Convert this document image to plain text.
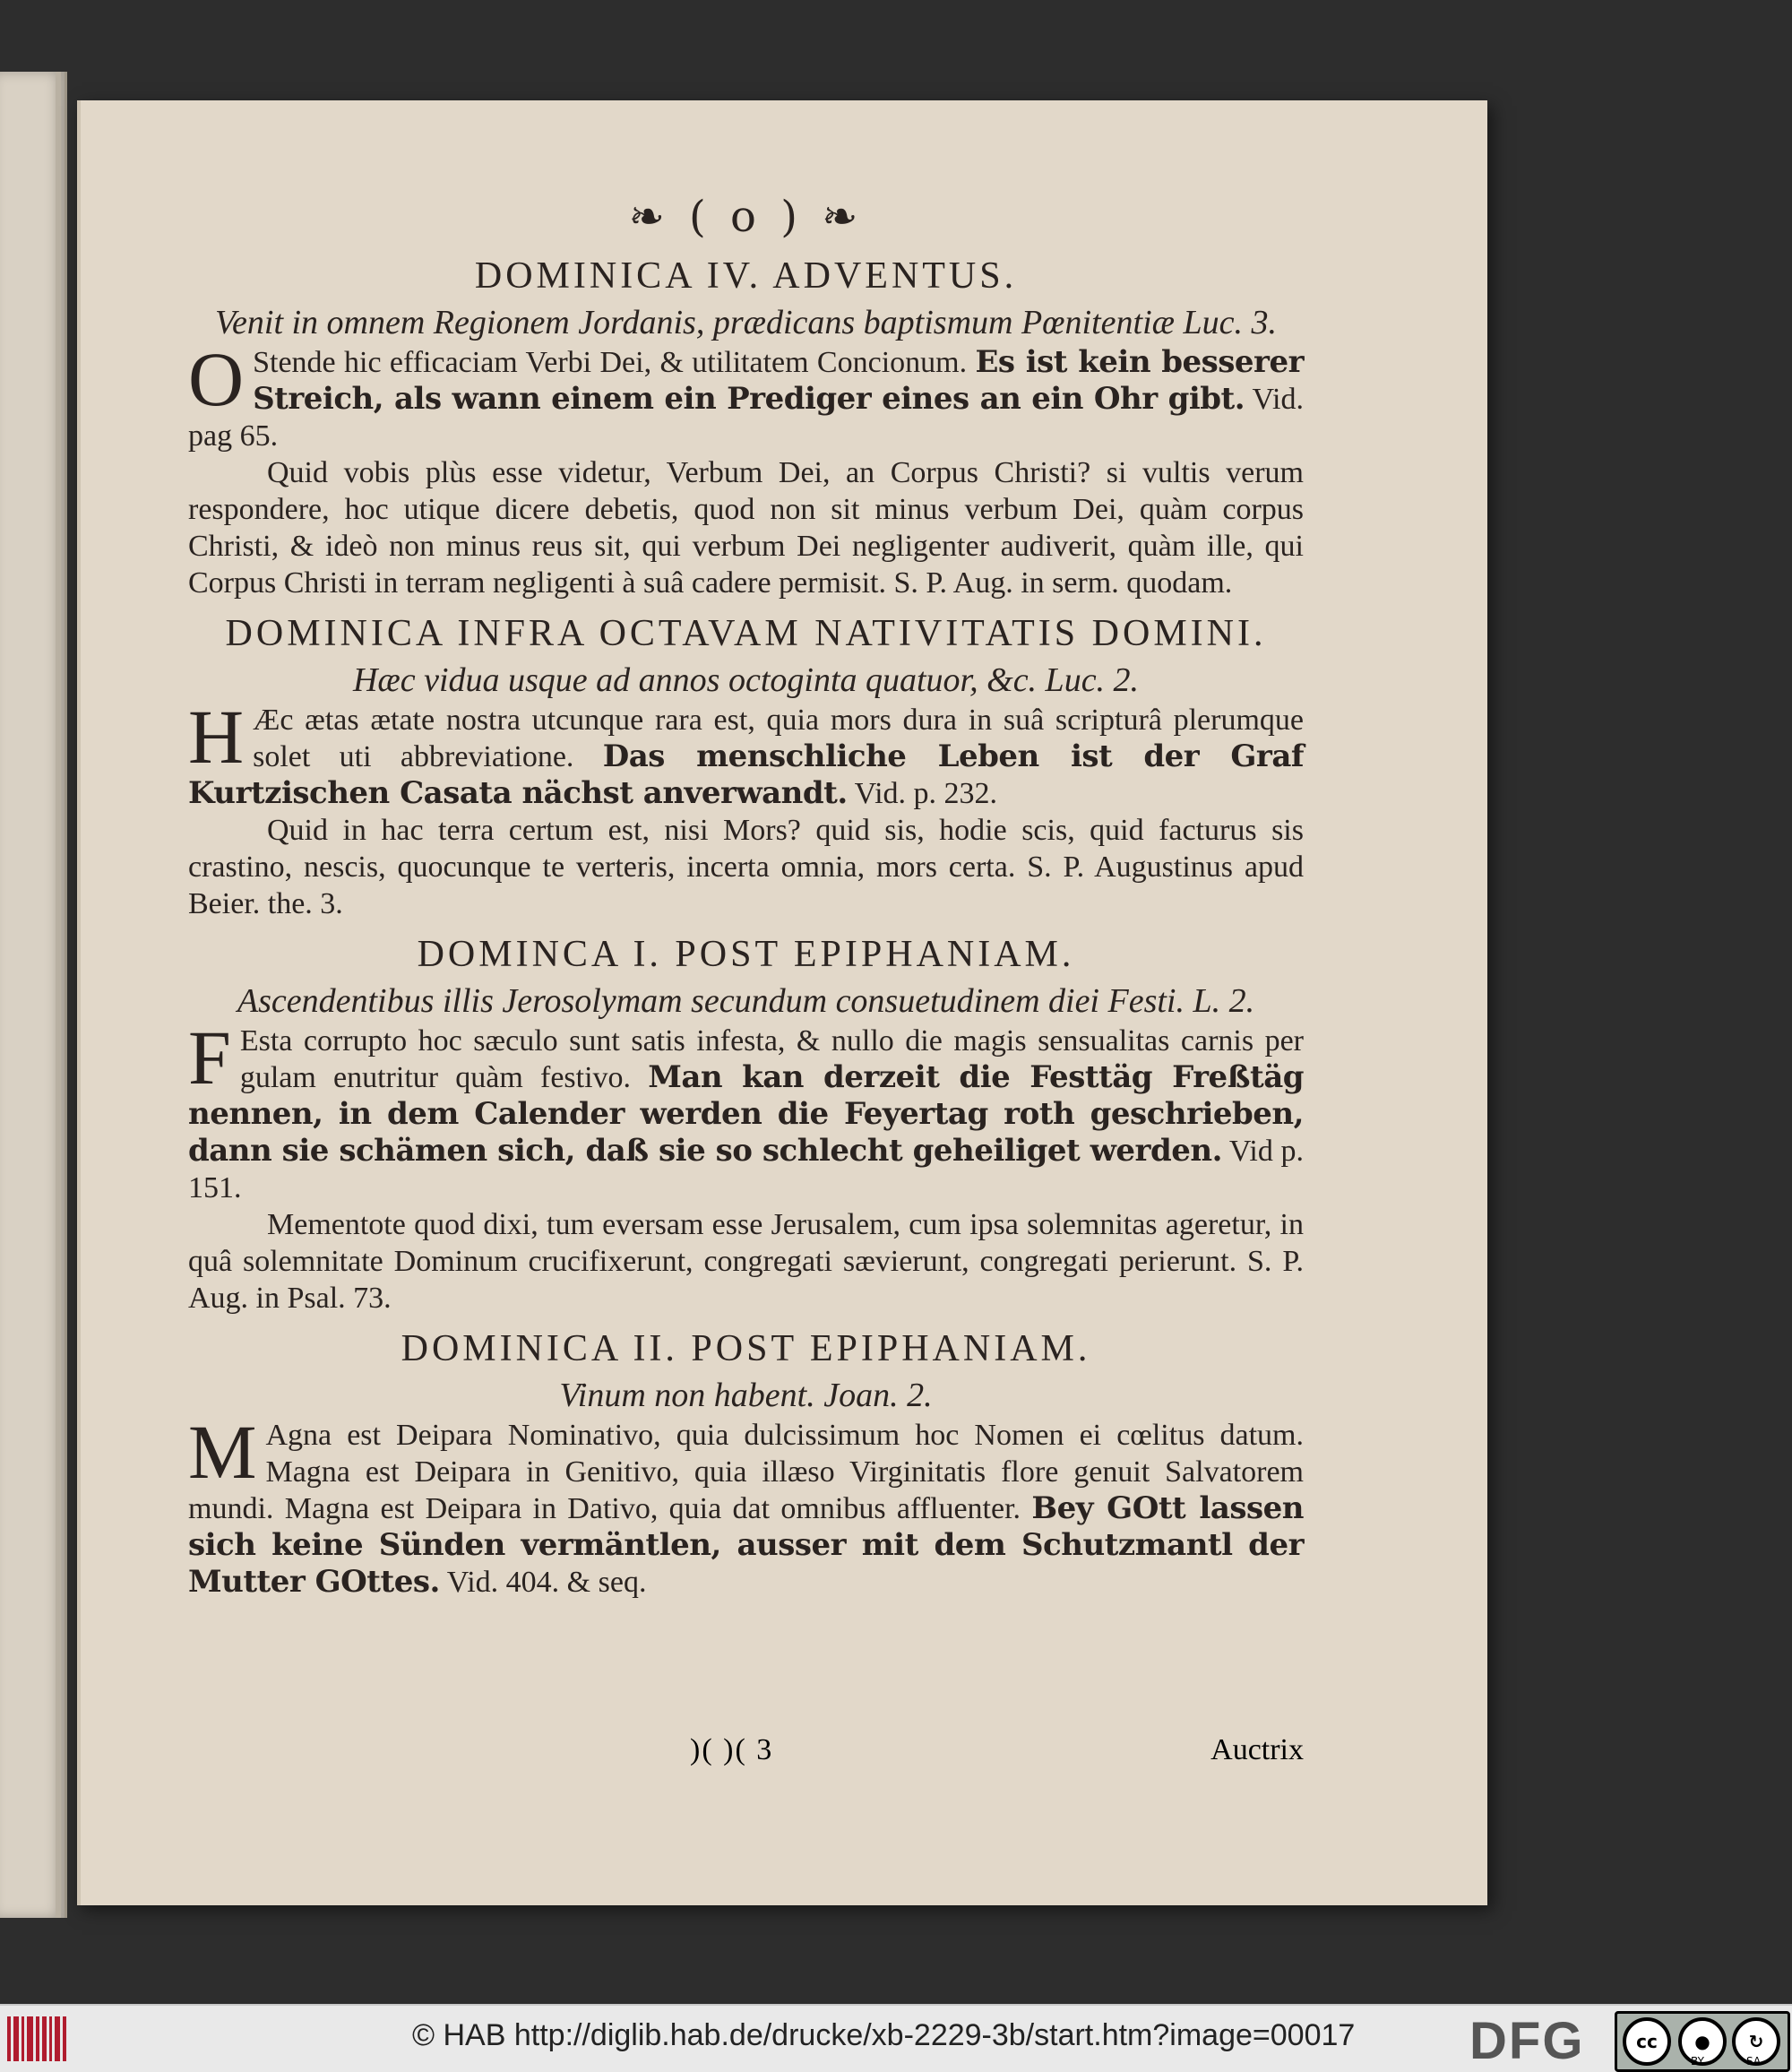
❧ ( o ) ❧
DOMINICA IV. ADVENTUS.
Venit in omnem Regionem Jordanis, prædicans baptismum Pœnitentiæ Luc. 3.
O Stende hic efficaciam Verbi Dei, & utilitatem Concionum. Es ist kein besserer Streich, als wann einem ein Prediger eines an ein Ohr gibt. Vid. pag 65.
Quid vobis plùs esse videtur, Verbum Dei, an Corpus Christi? si vultis verum respondere, hoc utique dicere debetis, quod non sit minus verbum Dei, quàm corpus Christi, & ideò non minus reus sit, qui verbum Dei negligenter audiverit, quàm ille, qui Corpus Christi in terram negligenti à suâ cadere permisit. S. P. Aug. in serm. quodam.
DOMINICA INFRA OCTAVAM NATIVITATIS DOMINI.
Hæc vidua usque ad annos octoginta quatuor, &c. Luc. 2.
H Æc ætas ætate nostra utcunque rara est, quia mors dura in suâ scripturâ plerumque solet uti abbreviatione. Das menschliche Leben ist der Graf Kurtzischen Casata nächst anverwandt. Vid. p. 232.
Quid in hac terra certum est, nisi Mors? quid sis, hodie scis, quid facturus sis crastino, nescis, quocunque te verteris, incerta omnia, mors certa. S. P. Augustinus apud Beier. the. 3.
DOMINCA I. POST EPIPHANIAM.
Ascendentibus illis Jerosolymam secundum consuetudinem diei Festi. L. 2.
F Esta corrupto hoc sæculo sunt satis infesta, & nullo die magis sensualitas carnis per gulam enutritur quàm festivo. Man kan derzeit die Festtäg Freßtäg nennen, in dem Calender werden die Feyertag roth geschrieben, dann sie schämen sich, daß sie so schlecht geheiliget werden. Vid p. 151.
Mementote quod dixi, tum eversam esse Jerusalem, cum ipsa solemnitas ageretur, in quâ solemnitate Dominum crucifixerunt, congregati sævierunt, congregati perierunt. S. P. Aug. in Psal. 73.
DOMINICA II. POST EPIPHANIAM.
Vinum non habent. Joan. 2.
M Agna est Deipara Nominativo, quia dulcissimum hoc Nomen ei cœlitus datum. Magna est Deipara in Genitivo, quia illæso Virginitatis flore genuit Salvatorem mundi. Magna est Deipara in Dativo, quia dat omnibus affluenter. Bey GOtt lassen sich keine Sünden vermäntlen, ausser mit dem Schutzmantl der Mutter GOttes. Vid. 404. & seq.
)( )( 3	Auctrix
© HAB http://diglib.hab.de/drucke/xb-2229-3b/start.htm?image=00017 DFG	cc	●	↻
BY	SA
